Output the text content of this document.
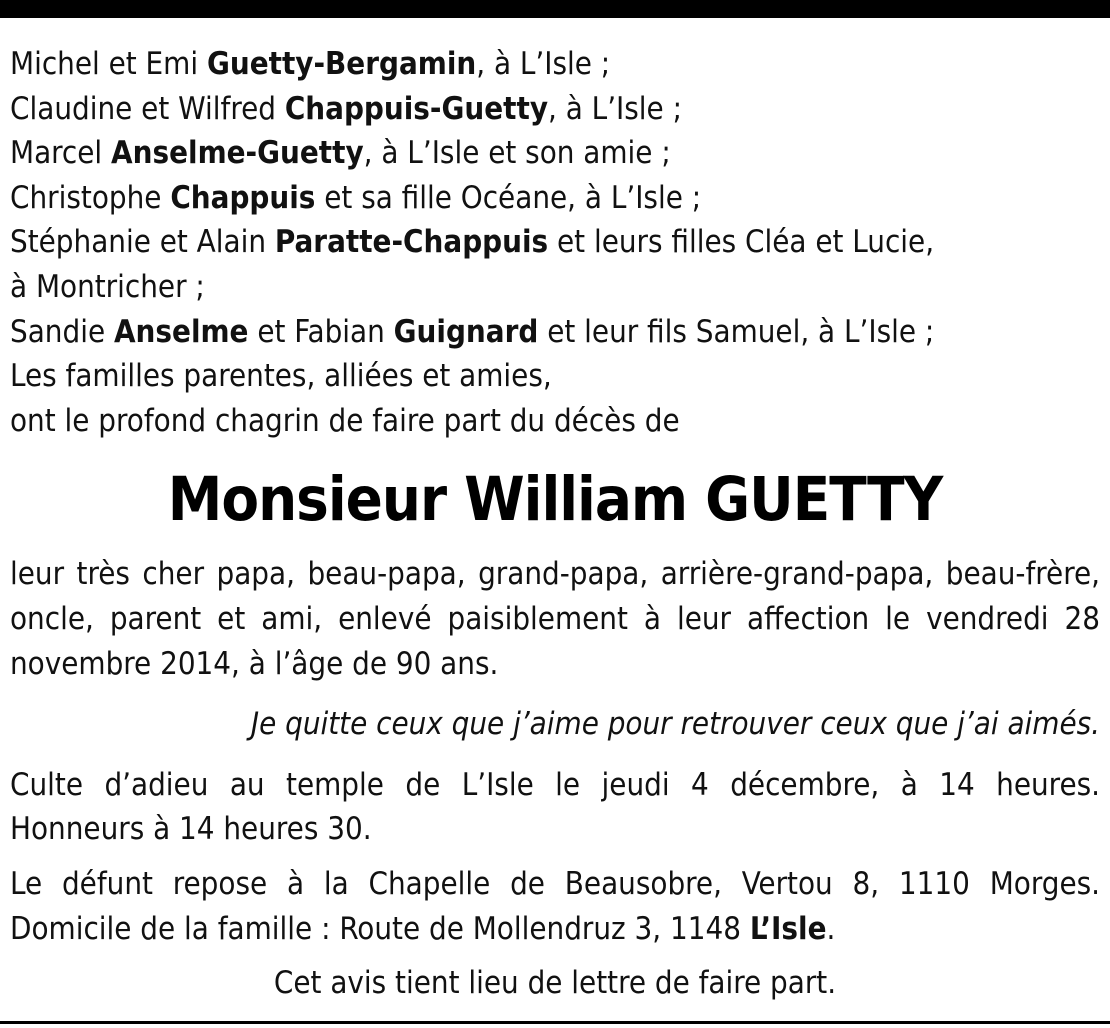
Michel et Emi Guetty-Bergamin, à L’Isle ;

Claudine et Wilfred Chappuis-Guetty, à L’Isle ;

Marcel Anselme-Guetty, à L’Isle et son amie ;

Christophe Chappuis et sa fille Océane, à L’Isle ;

Stéphanie et Alain Paratte-Chappuis et leurs filles Cléa et Lucie,

à Montricher ;

Sandie Anselme et Fabian Guignard et leur fils Samuel, à L’Isle ;

Les familles parentes, alliées et amies,

ont le profond chagrin de faire part du décès de

Monsieur William GUETTY

leur très cher papa, beau-papa, grand-papa, arrière-grand-papa, beau-frère, oncle, parent et ami, enlevé paisiblement à leur affection le vendredi 28 novembre 2014, à l’âge de 90 ans.

Je quitte ceux que j’aime pour retrouver ceux que j’ai aimés.

Culte d’adieu au temple de L’Isle le jeudi 4 décembre, à 14 heures.

Honneurs à 14 heures 30.

Le défunt repose à la Chapelle de Beausobre, Vertou 8, 1110 Morges.

Domicile de la famille : Route de Mollendruz 3, 1148 L’Isle.

Cet avis tient lieu de lettre de faire part.
